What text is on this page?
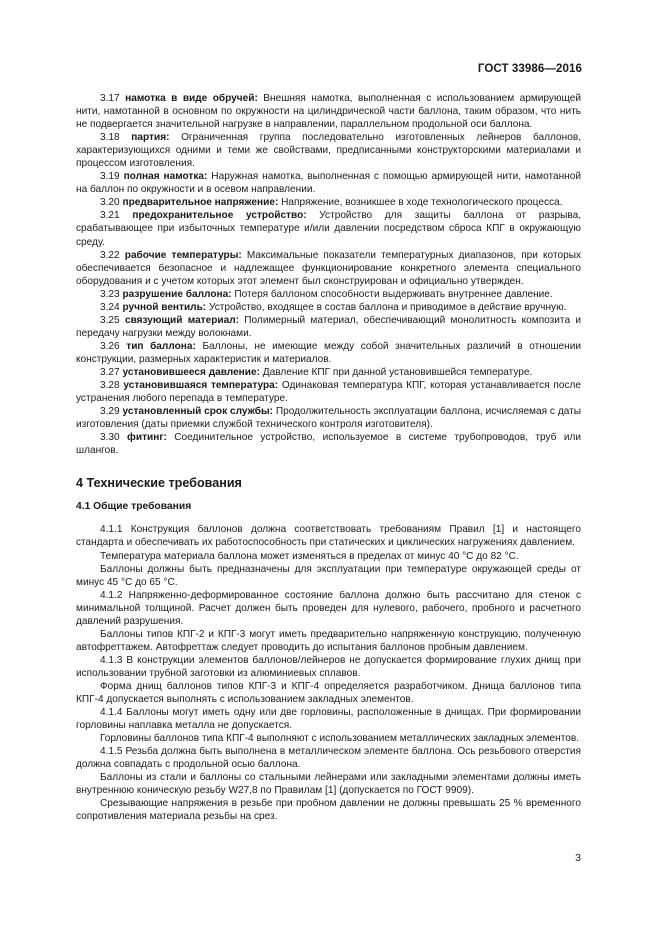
ГОСТ 33986—2016

3.17 намотка в виде обручей: Внешняя намотка, выполненная с использованием армирующей нити, намотанной в основном по окружности на цилиндрической части баллона, таким образом, что нить не подвергается значительной нагрузке в направлении, параллельном продольной оси баллона.

3.18 партия: Ограниченная группа последовательно изготовленных лейнеров баллонов, характеризующихся одними и теми же свойствами, предписанными конструкторскими материалами и процессом изготовления.

3.19 полная намотка: Наружная намотка, выполненная с помощью армирующей нити, намотанной на баллон по окружности и в осевом направлении.

3.20 предварительное напряжение: Напряжение, возникшее в ходе технологического процесса.

3.21 предохранительное устройство: Устройство для защиты баллона от разрыва, срабатывающее при избыточных температуре и/или давлении посредством сброса КПГ в окружающую среду.

3.22 рабочие температуры: Максимальные показатели температурных диапазонов, при которых обеспечивается безопасное и надлежащее функционирование конкретного элемента специального оборудования и с учетом которых этот элемент был сконструирован и официально утвержден.

3.23 разрушение баллона: Потеря баллоном способности выдерживать внутреннее давление.

3.24 ручной вентиль: Устройство, входящее в состав баллона и приводимое в действие вручную.

3.25 связующий материал: Полимерный материал, обеспечивающий монолитность композита и передачу нагрузки между волокнами.

3.26 тип баллона: Баллоны, не имеющие между собой значительных различий в отношении конструкции, размерных характеристик и материалов.

3.27 установившееся давление: Давление КПГ при данной установившейся температуре.

3.28 установившаяся температура: Одинаковая температура КПГ, которая устанавливается после устранения любого перепада в температуре.

3.29 установленный срок службы: Продолжительность эксплуатации баллона, исчисляемая с даты изготовления (даты приемки службой технического контроля изготовителя).

3.30 фитинг: Соединительное устройство, используемое в системе трубопроводов, труб или шлангов.

4 Технические требования
4.1 Общие требования

4.1.1 Конструкция баллонов должна соответствовать требованиям Правил [1] и настоящего стандарта и обеспечивать их работоспособность при статических и циклических нагружениях давлением.

Температура материала баллона может изменяться в пределах от минус 40 °С до 82 °С.

Баллоны должны быть предназначены для эксплуатации при температуре окружающей среды от минус 45 °С до 65 °С.

4.1.2 Напряженно-деформированное состояние баллона должно быть рассчитано для стенок с минимальной толщиной. Расчет должен быть проведен для нулевого, рабочего, пробного и расчетного давлений разрушения.

Баллоны типов КПГ-2 и КПГ-3 могут иметь предварительно напряженную конструкцию, полученную автофреттажем. Автофреттаж следует проводить до испытания баллонов пробным давлением.

4.1.3 В конструкции элементов баллонов/лейнеров не допускается формирование глухих днищ при использовании трубной заготовки из алюминиевых сплавов.

Форма днищ баллонов типов КПГ-3 и КПГ-4 определяется разработчиком. Днища баллонов типа КПГ-4 допускается выполнять с использованием закладных элементов.

4.1.4 Баллоны могут иметь одну или две горловины, расположенные в днищах. При формировании горловины наплавка металла не допускается.

Горловины баллонов типа КПГ-4 выполняют с использованием металлических закладных элементов.

4.1.5 Резьба должна быть выполнена в металлическом элементе баллона. Ось резьбового отверстия должна совпадать с продольной осью баллона.

Баллоны из стали и баллоны со стальными лейнерами или закладными элементами должны иметь внутреннюю коническую резьбу W27,8 по Правилам [1] (допускается по ГОСТ 9909).

Срезывающие напряжения в резьбе при пробном давлении не должны превышать 25 % временного сопротивления материала резьбы на срез.

3
